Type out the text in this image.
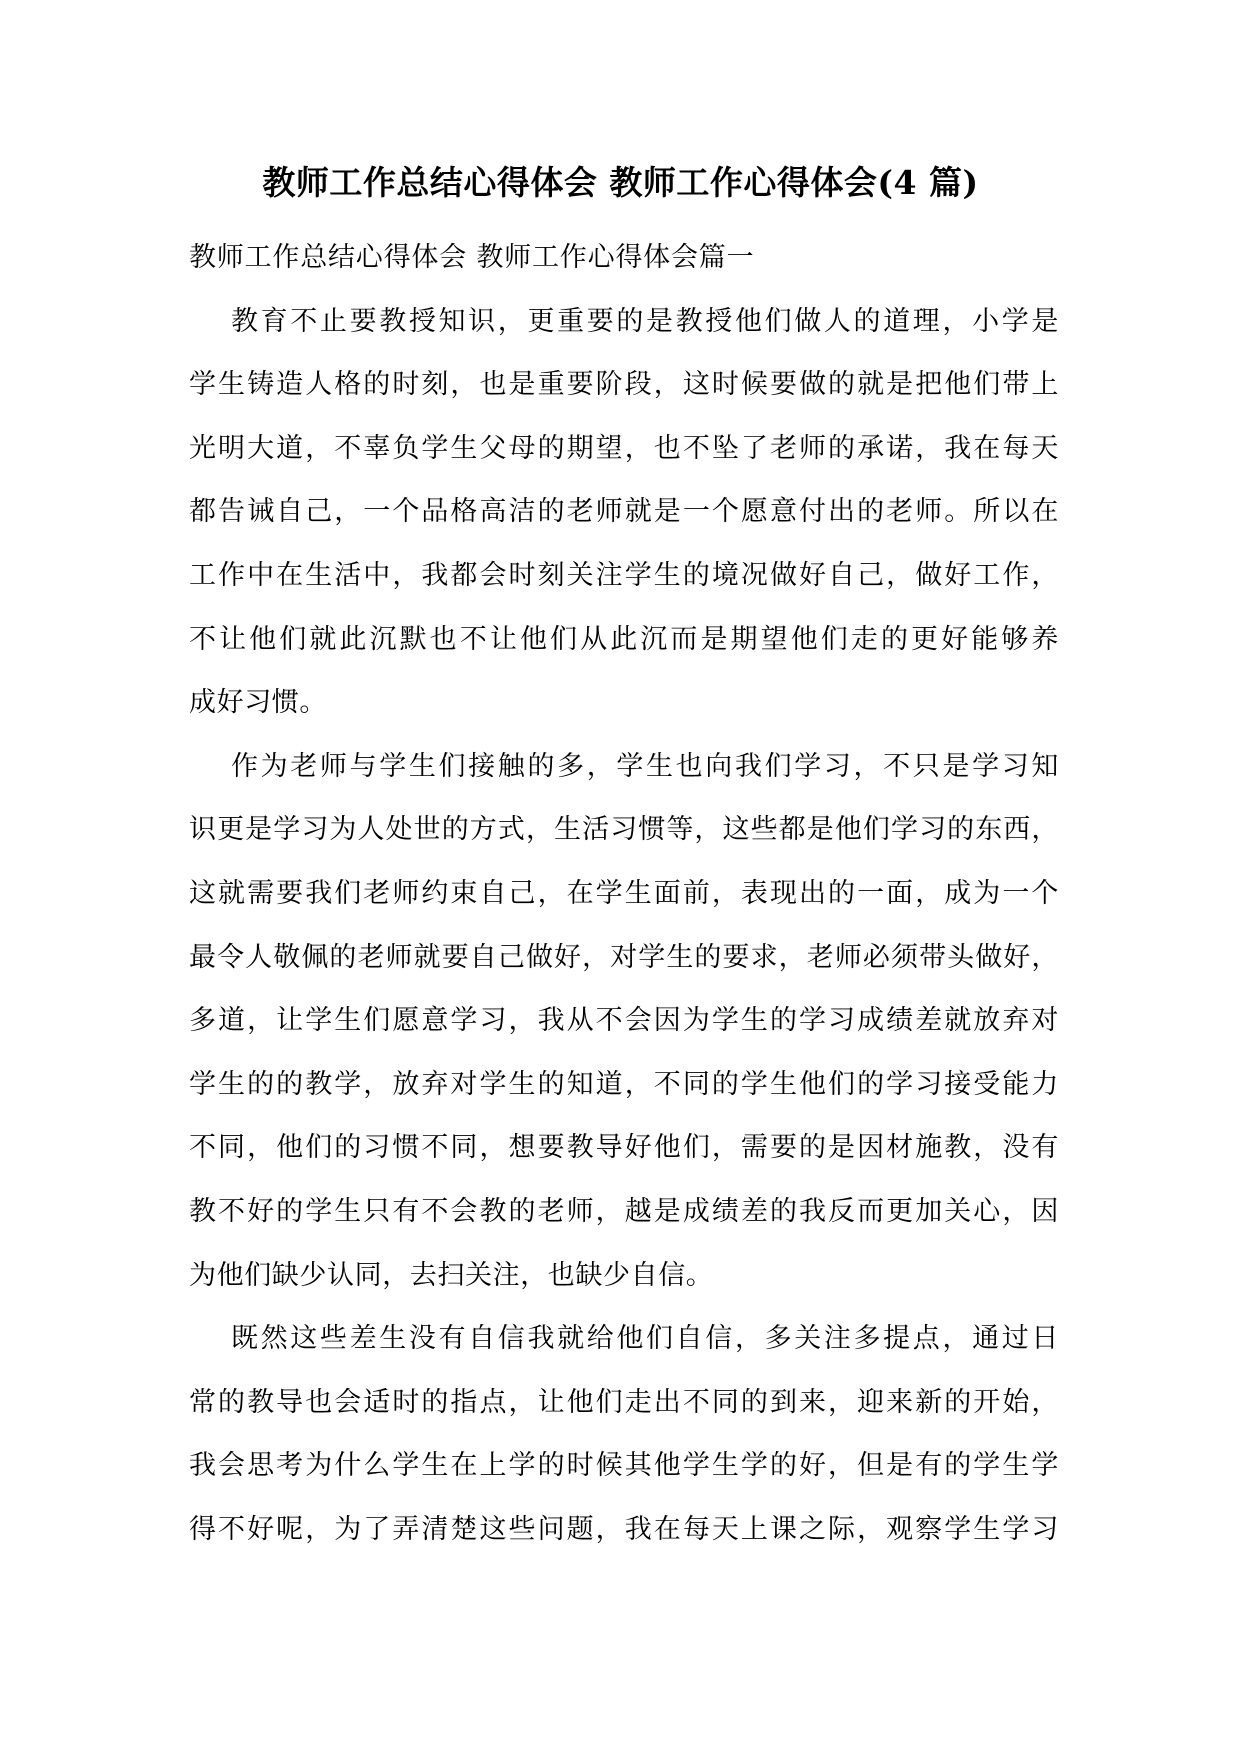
教师工作总结心得体会 教师工作心得体会(4 篇)
教师工作总结心得体会 教师工作心得体会篇一
教育不止要教授知识，更重要的是教授他们做人的道理，小学是
学生铸造人格的时刻，也是重要阶段，这时候要做的就是把他们带上
光明大道，不辜负学生父母的期望，也不坠了老师的承诺，我在每天
都告诫自己，一个品格高洁的老师就是一个愿意付出的老师。所以在
工作中在生活中，我都会时刻关注学生的境况做好自己，做好工作，
不让他们就此沉默也不让他们从此沉而是期望他们走的更好能够养
成好习惯。
作为老师与学生们接触的多，学生也向我们学习，不只是学习知
识更是学习为人处世的方式，生活习惯等，这些都是他们学习的东西，
这就需要我们老师约束自己，在学生面前，表现出的一面，成为一个
最令人敬佩的老师就要自己做好，对学生的要求，老师必须带头做好，
多道，让学生们愿意学习，我从不会因为学生的学习成绩差就放弃对
学生的的教学，放弃对学生的知道，不同的学生他们的学习接受能力
不同，他们的习惯不同，想要教导好他们，需要的是因材施教，没有
教不好的学生只有不会教的老师，越是成绩差的我反而更加关心，因
为他们缺少认同，去扫关注，也缺少自信。
既然这些差生没有自信我就给他们自信，多关注多提点，通过日
常的教导也会适时的指点，让他们走出不同的到来，迎来新的开始，
我会思考为什么学生在上学的时候其他学生学的好，但是有的学生学
得不好呢，为了弄清楚这些问题，我在每天上课之际，观察学生学习
